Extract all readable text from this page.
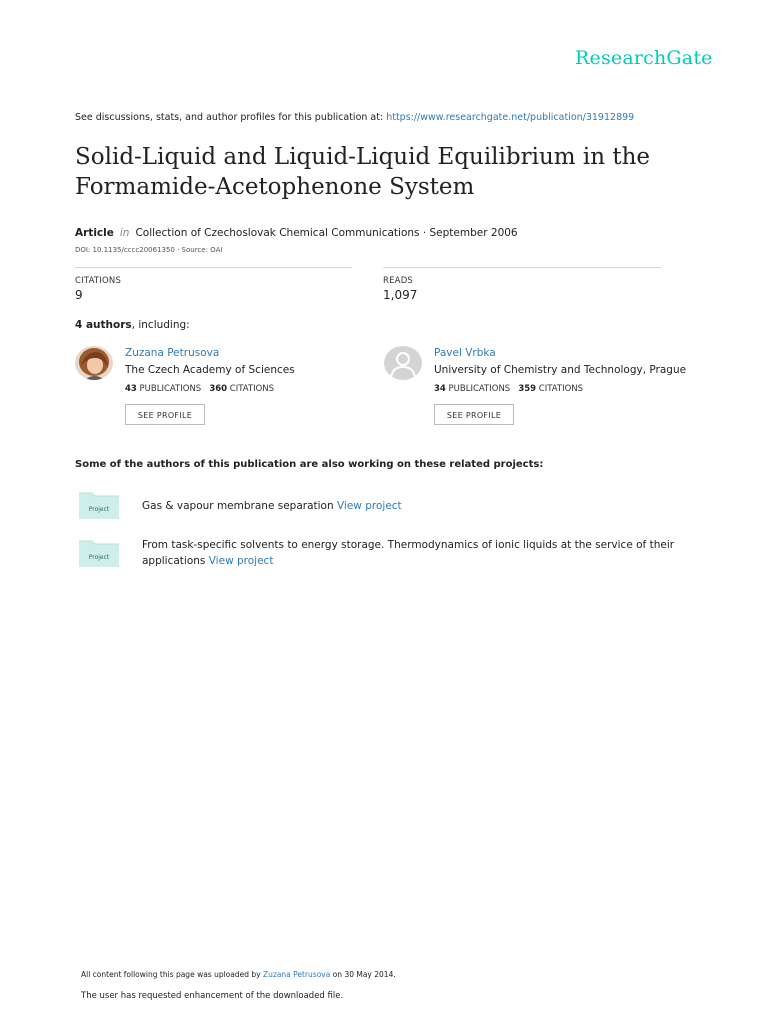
ResearchGate
See discussions, stats, and author profiles for this publication at: https://www.researchgate.net/publication/31912899
Solid-Liquid and Liquid-Liquid Equilibrium in the Formamide-Acetophenone System
Article in Collection of Czechoslovak Chemical Communications · September 2006
DOI: 10.1135/cccc20061350 · Source: OAI
CITATIONS
9
READS
1,097
4 authors, including:
Zuzana Petrusova
The Czech Academy of Sciences
43 PUBLICATIONS 360 CITATIONS
SEE PROFILE
Pavel Vrbka
University of Chemistry and Technology, Prague
34 PUBLICATIONS 359 CITATIONS
SEE PROFILE
Some of the authors of this publication are also working on these related projects:
Project	Gas & vapour membrane separation View project
Project
From task-specific solvents to energy storage. Thermodynamics of ionic liquids at the service of their applications View project
All content following this page was uploaded by Zuzana Petrusova on 30 May 2014.
The user has requested enhancement of the downloaded file.
